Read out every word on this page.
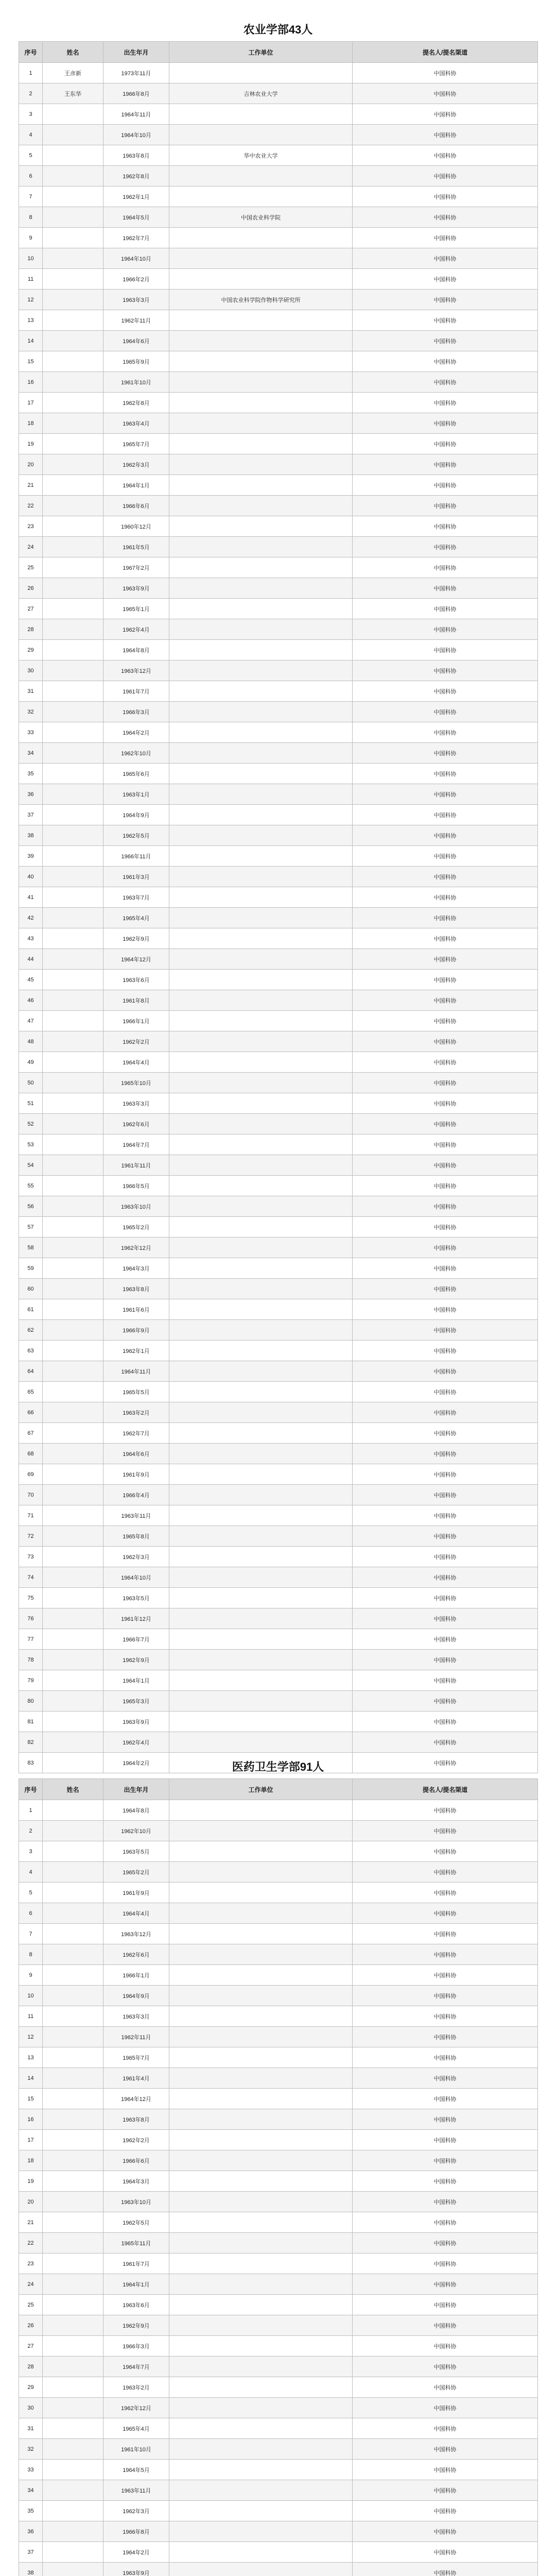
农业学部43人
序号	姓名	出生年月	工作单位	提名人/提名渠道
1	王彦新	1973年11月		中国科协
2	王东华	1966年8月	吉林农业大学	中国科协
3		1964年11月		中国科协
4		1964年10月		中国科协
5		1963年8月	华中农业大学	中国科协
6		1962年8月		中国科协
7		1962年1月		中国科协
8		1964年5月	中国农业科学院	中国科协
9		1962年7月		中国科协
10		1964年10月		中国科协
11		1966年2月		中国科协
12		1963年3月	中国农业科学院作物科学研究所	中国科协
13		1962年11月		中国科协
14		1964年6月		中国科协
15		1965年9月		中国科协
16		1961年10月		中国科协
17		1962年8月		中国科协
18		1963年4月		中国科协
19		1965年7月		中国科协
20		1962年3月		中国科协
21		1964年1月		中国科协
22		1966年6月		中国科协
23		1960年12月		中国科协
24		1961年5月		中国科协
25		1967年2月		中国科协
26		1963年9月		中国科协
27		1965年1月		中国科协
28		1962年4月		中国科协
29		1964年8月		中国科协
30		1963年12月		中国科协
31		1961年7月		中国科协
32		1966年3月		中国科协
33		1964年2月		中国科协
34		1962年10月		中国科协
35		1965年6月		中国科协
36		1963年1月		中国科协
37		1964年9月		中国科协
38		1962年5月		中国科协
39		1966年11月		中国科协
40		1961年3月		中国科协
41		1963年7月		中国科协
42		1965年4月		中国科协
43		1962年9月		中国科协
44		1964年12月		中国科协
45		1963年6月		中国科协
46		1961年8月		中国科协
47		1966年1月		中国科协
48		1962年2月		中国科协
49		1964年4月		中国科协
50		1965年10月		中国科协
51		1963年3月		中国科协
52		1962年6月		中国科协
53		1964年7月		中国科协
54		1961年11月		中国科协
55		1966年5月		中国科协
56		1963年10月		中国科协
57		1965年2月		中国科协
58		1962年12月		中国科协
59		1964年3月		中国科协
60		1963年8月		中国科协
61		1961年6月		中国科协
62		1966年9月		中国科协
63		1962年1月		中国科协
64		1964年11月		中国科协
65		1965年5月		中国科协
66		1963年2月		中国科协
67		1962年7月		中国科协
68		1964年6月		中国科协
69		1961年9月		中国科协
70		1966年4月		中国科协
71		1963年11月		中国科协
72		1965年8月		中国科协
73		1962年3月		中国科协
74		1964年10月		中国科协
75		1963年5月		中国科协
76		1961年12月		中国科协
77		1966年7月		中国科协
78		1962年9月		中国科协
79		1964年1月		中国科协
80		1965年3月		中国科协
81		1963年9月		中国科协
82		1962年4月		中国科协
83		1964年2月		中国科协
医药卫生学部91人
序号	姓名	出生年月	工作单位	提名人/提名渠道
1		1964年8月		中国科协
2		1962年10月		中国科协
3		1963年5月		中国科协
4		1965年2月		中国科协
5		1961年9月		中国科协
6		1964年4月		中国科协
7		1963年12月		中国科协
8		1962年6月		中国科协
9		1966年1月		中国科协
10		1964年9月		中国科协
11		1963年3月		中国科协
12		1962年11月		中国科协
13		1965年7月		中国科协
14		1961年4月		中国科协
15		1964年12月		中国科协
16		1963年8月		中国科协
17		1962年2月		中国科协
18		1966年6月		中国科协
19		1964年3月		中国科协
20		1963年10月		中国科协
21		1962年5月		中国科协
22		1965年11月		中国科协
23		1961年7月		中国科协
24		1964年1月		中国科协
25		1963年6月		中国科协
26		1962年9月		中国科协
27		1966年3月		中国科协
28		1964年7月		中国科协
29		1963年2月		中国科协
30		1962年12月		中国科协
31		1965年4月		中国科协
32		1961年10月		中国科协
33		1964年5月		中国科协
34		1963年11月		中国科协
35		1962年3月		中国科协
36		1966年8月		中国科协
37		1964年2月		中国科协
38		1963年9月		中国科协
